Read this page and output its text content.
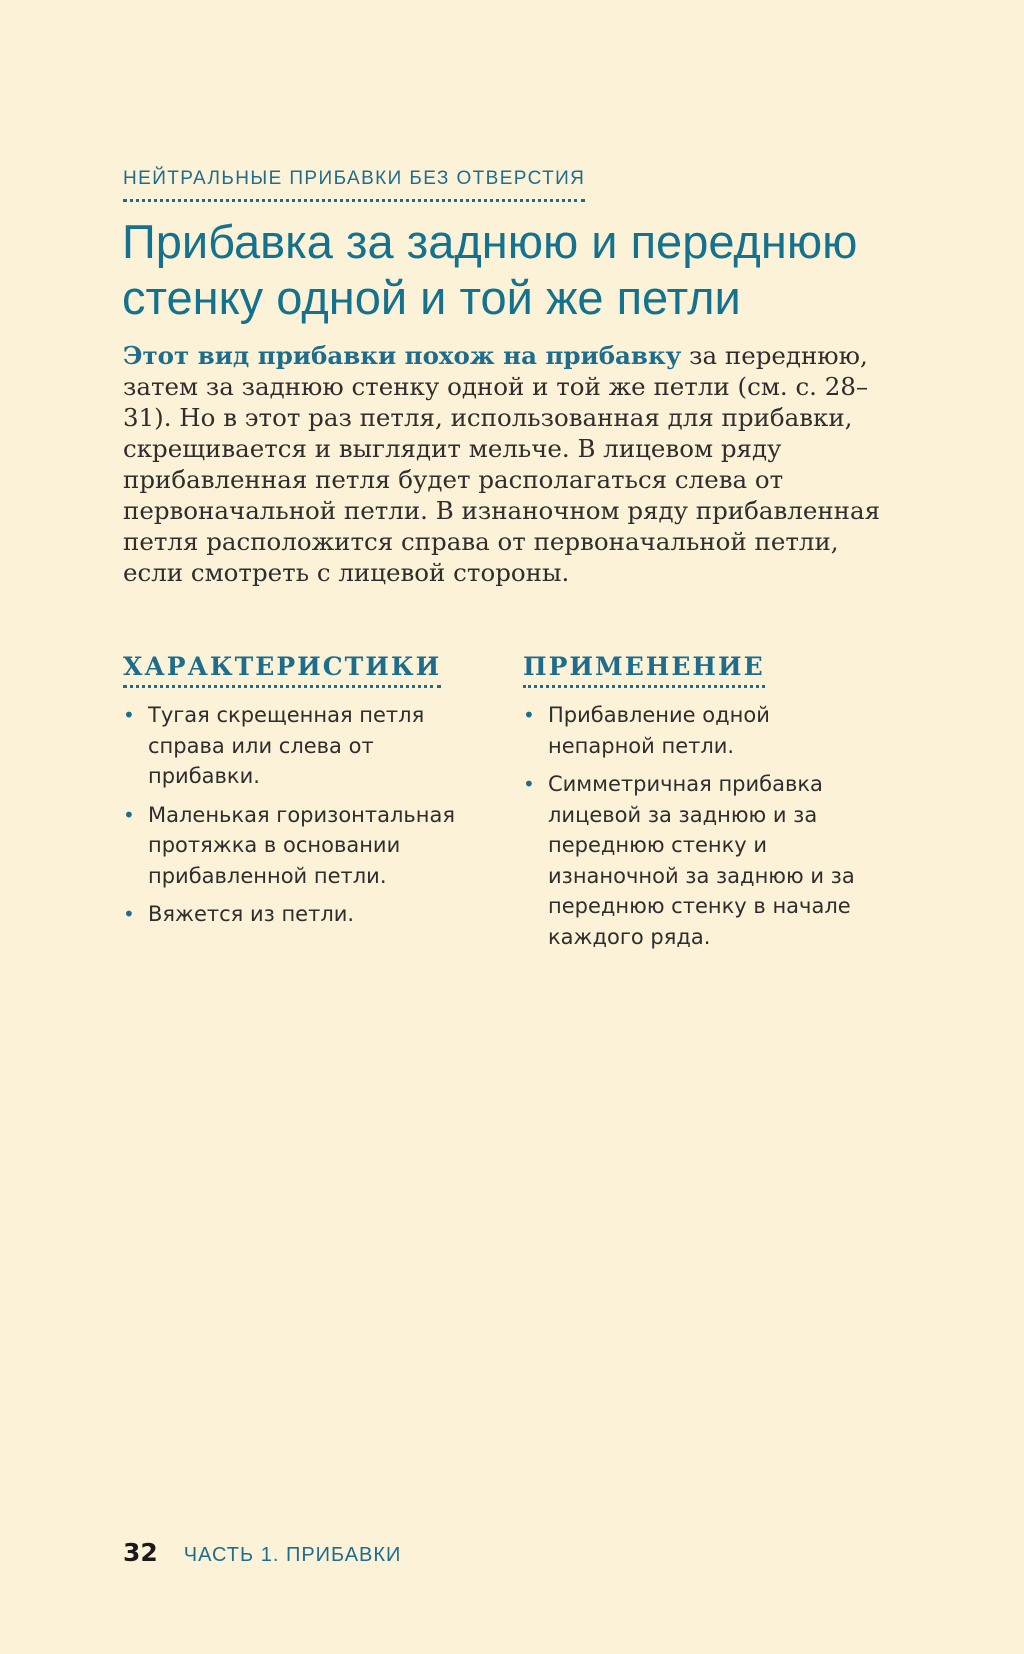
НЕЙТРАЛЬНЫЕ ПРИБАВКИ БЕЗ ОТВЕРСТИЯ
Прибавка за заднюю и переднюю стенку одной и той же петли

Этот вид прибавки похож на прибавку за переднюю, затем за заднюю стенку одной и той же петли (см. с. 28–31). Но в этот раз петля, использованная для прибавки, скрещивается и выглядит мельче. В лицевом ряду прибавленная петля будет располагаться слева от первоначальной петли. В изнаночном ряду прибавленная петля расположится справа от первоначальной петли, если смотреть с лицевой стороны.

ХАРАКТЕРИСТИКИ
• Тугая скрещенная петля справа или слева от прибавки.
• Маленькая горизонтальная протяжка в основании прибавленной петли.
• Вяжется из петли.
ПРИМЕНЕНИЕ
• Прибавление одной непарной петли.
• Симметричная прибавка лицевой за заднюю и за переднюю стенку и изнаночной за заднюю и за переднюю стенку в начале каждого ряда.
32 ЧАСТЬ 1. ПРИБАВКИ
